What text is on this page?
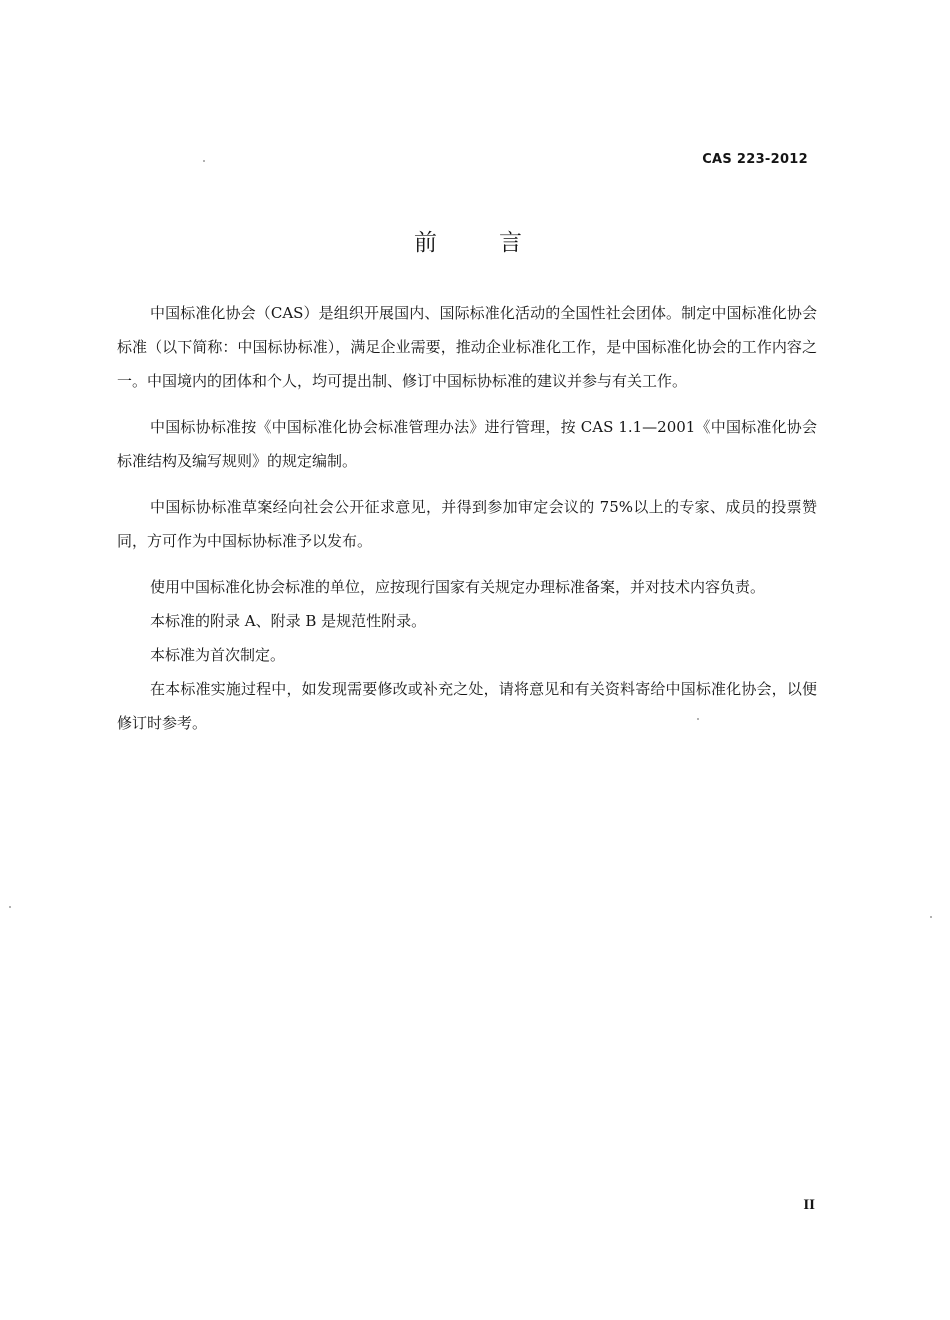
CAS 223-2012
前言

中国标准化协会（CAS）是组织开展国内、国际标准化活动的全国性社会团体。制定中国标准化协会标准（以下简称：中国标协标准），满足企业需要，推动企业标准化工作，是中国标准化协会的工作内容之一。中国境内的团体和个人，均可提出制、修订中国标协标准的建议并参与有关工作。

中国标协标准按《中国标准化协会标准管理办法》进行管理，按 CAS 1.1—2001《中国标准化协会标准结构及编写规则》的规定编制。

中国标协标准草案经向社会公开征求意见，并得到参加审定会议的 75%以上的专家、成员的投票赞同，方可作为中国标协标准予以发布。

使用中国标准化协会标准的单位，应按现行国家有关规定办理标准备案，并对技术内容负责。

本标准的附录 A、附录 B 是规范性附录。

本标准为首次制定。

在本标准实施过程中，如发现需要修改或补充之处，请将意见和有关资料寄给中国标准化协会，以便修订时参考。

II
